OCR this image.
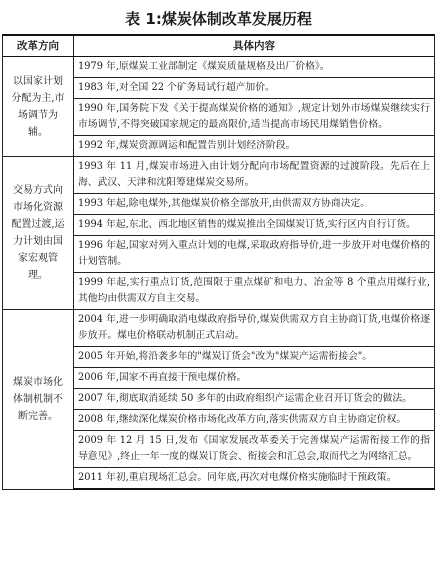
表 1:煤炭体制改革发展历程
改革方向	具体内容
以国家计划分配为主,市场调节为辅。	1979 年,原煤炭工业部制定《煤炭质量规格及出厂价格》。
	1983 年,对全国 22 个矿务局试行超产加价。
	1990 年,国务院下发《关于提高煤炭价格的通知》,规定计划外市场煤炭继续实行市场调节,不得突破国家规定的最高限价,适当提高市场民用煤销售价格。
	1992 年,煤炭资源调运和配置告别计划经济阶段。
交易方式向市场化资源配置过渡,运力计划由国家宏观管理。	1993 年 11 月,煤炭市场进入由计划分配向市场配置资源的过渡阶段。先后在上海、武汉、天津和沈阳筹建煤炭交易所。
	1993 年起,除电煤外,其他煤炭价格全部放开,由供需双方协商决定。
	1994 年起,东北、西北地区销售的煤炭推出全国煤炭订货,实行区内自行订货。
	1996 年起,国家对列入重点计划的电煤,采取政府指导价,进一步放开对电煤价格的计划管制。
	1999 年起,实行重点订货,范围限于重点煤矿和电力、冶金等 8 个重点用煤行业,其他均由供需双方自主交易。
煤炭市场化体制机制不断完善。	2004 年,进一步明确取消电煤政府指导价,煤炭供需双方自主协商订货,电煤价格逐步放开。煤电价格联动机制正式启动。
	2005 年开始,将沿袭多年的"煤炭订货会"改为"煤炭产运需衔接会"。
	2006 年,国家不再直接干预电煤价格。
	2007 年,彻底取消延续 50 多年的由政府组织产运需企业召开订货会的做法。
	2008 年,继续深化煤炭价格市场化改革方向,落实供需双方自主协商定价权。
	2009 年 12 月 15 日,发布《国家发展改革委关于完善煤炭产运需衔接工作的指导意见》,终止一年一度的煤炭订货会、衔接会和汇总会,取而代之为网络汇总。
	2011 年初,重启现场汇总会。同年底,再次对电煤价格实施临时干预政策。
